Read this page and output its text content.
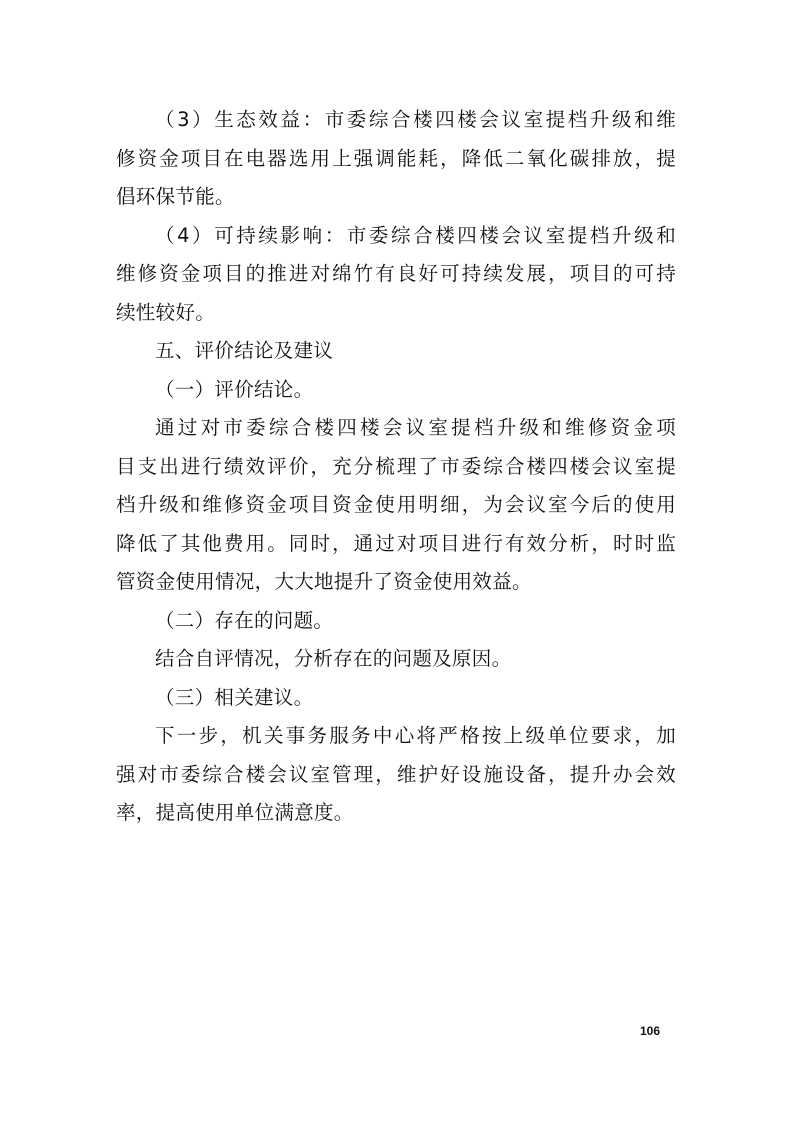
（3）生态效益：市委综合楼四楼会议室提档升级和维
修资金项目在电器选用上强调能耗，降低二氧化碳排放，提
倡环保节能。

（4）可持续影响：市委综合楼四楼会议室提档升级和
维修资金项目的推进对绵竹有良好可持续发展，项目的可持
续性较好。

五、评价结论及建议

（一）评价结论。

通过对市委综合楼四楼会议室提档升级和维修资金项
目支出进行绩效评价，充分梳理了市委综合楼四楼会议室提
档升级和维修资金项目资金使用明细，为会议室今后的使用
降低了其他费用。同时，通过对项目进行有效分析，时时监
管资金使用情况，大大地提升了资金使用效益。

（二）存在的问题。

结合自评情况，分析存在的问题及原因。

（三）相关建议。

下一步，机关事务服务中心将严格按上级单位要求，加
强对市委综合楼会议室管理，维护好设施设备，提升办会效
率，提高使用单位满意度。

106
